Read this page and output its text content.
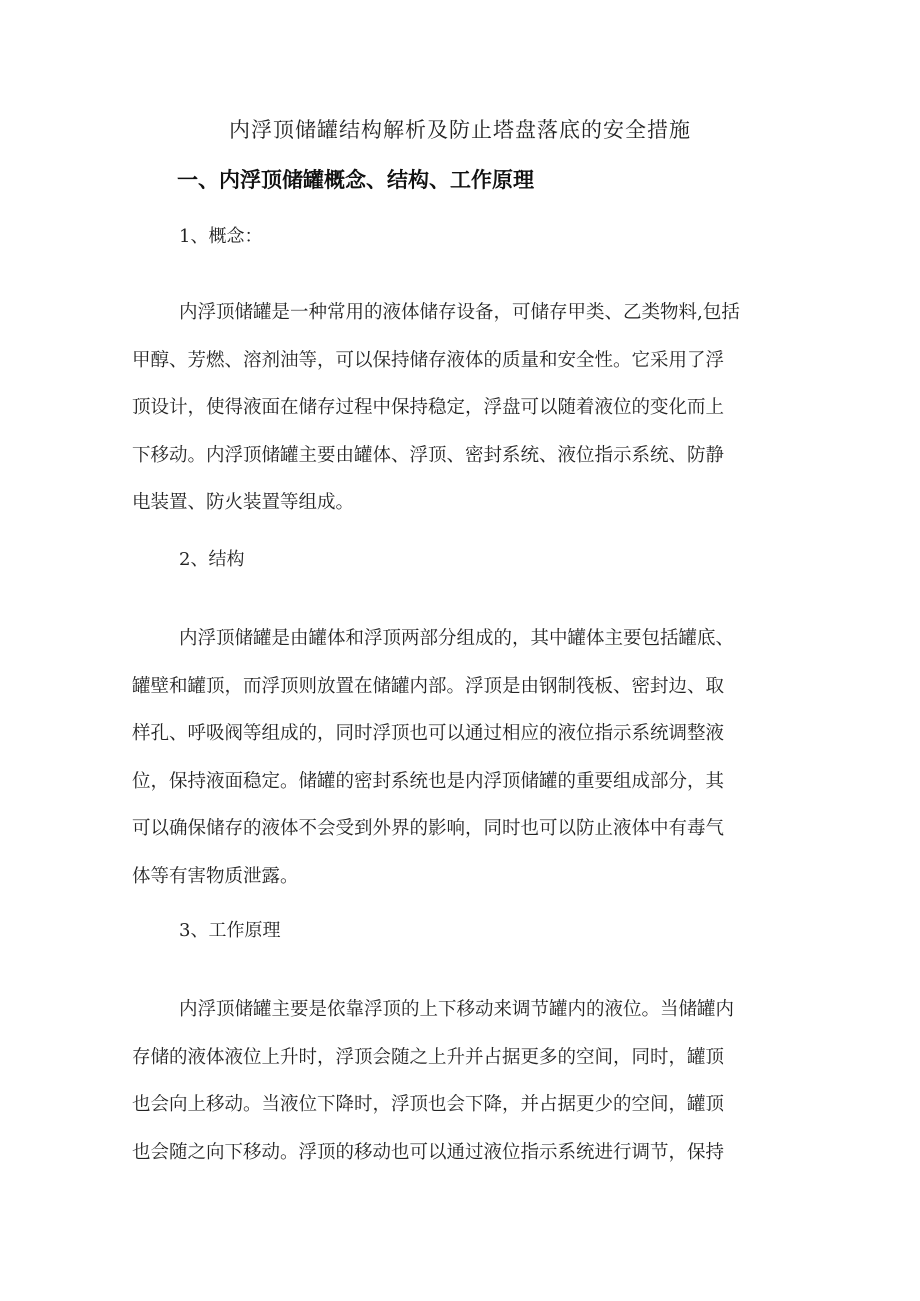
内浮顶储罐结构解析及防止塔盘落底的安全措施
一、内浮顶储罐概念、结构、工作原理
1、概念：
内浮顶储罐是一种常用的液体储存设备，可储存甲类、乙类物料,包括
甲醇、芳燃、溶剂油等，可以保持储存液体的质量和安全性。它采用了浮
顶设计，使得液面在储存过程中保持稳定，浮盘可以随着液位的变化而上
下移动。内浮顶储罐主要由罐体、浮顶、密封系统、液位指示系统、防静
电装置、防火装置等组成。
2、结构
内浮顶储罐是由罐体和浮顶两部分组成的，其中罐体主要包括罐底、
罐壁和罐顶，而浮顶则放置在储罐内部。浮顶是由钢制筏板、密封边、取
样孔、呼吸阀等组成的，同时浮顶也可以通过相应的液位指示系统调整液
位，保持液面稳定。储罐的密封系统也是内浮顶储罐的重要组成部分，其
可以确保储存的液体不会受到外界的影响，同时也可以防止液体中有毒气
体等有害物质泄露。
3、工作原理
内浮顶储罐主要是依靠浮顶的上下移动来调节罐内的液位。当储罐内
存储的液体液位上升时，浮顶会随之上升并占据更多的空间，同时，罐顶
也会向上移动。当液位下降时，浮顶也会下降，并占据更少的空间，罐顶
也会随之向下移动。浮顶的移动也可以通过液位指示系统进行调节，保持
